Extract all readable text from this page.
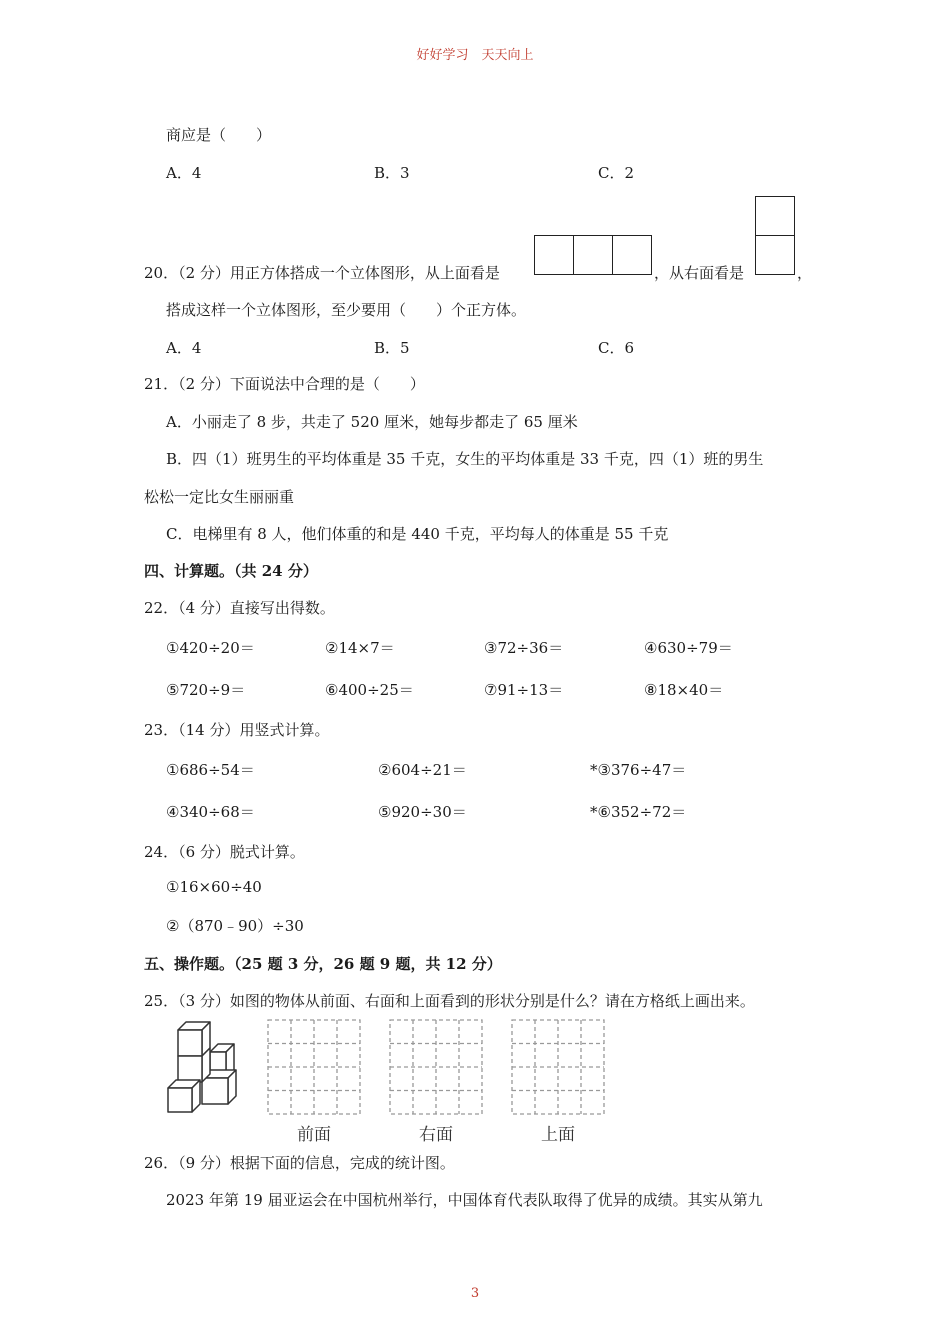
好好学习　天天向上
商应是（　　）
A．4	B．3	C．2
20．（2 分）用正方体搭成一个立体图形，从上面看是	，从右面看是	，
搭成这样一个立体图形，至少要用（　　）个正方体。
A．4	B．5	C．6
21．（2 分）下面说法中合理的是（　　）
A．小丽走了 8 步，共走了 520 厘米，她每步都走了 65 厘米
B．四（1）班男生的平均体重是 35 千克，女生的平均体重是 33 千克，四（1）班的男生
松松一定比女生丽丽重
C．电梯里有 8 人，他们体重的和是 440 千克，平均每人的体重是 55 千克
四、计算题。（共 24 分）
22．（4 分）直接写出得数。
①420÷20＝	②14×7＝	③72÷36＝	④630÷79＝
⑤720÷9＝	⑥400÷25＝	⑦91÷13＝	⑧18×40＝
23．（14 分）用竖式计算。
①686÷54＝	②604÷21＝	*③376÷47＝
④340÷68＝	⑤920÷30＝	*⑥352÷72＝
24．（6 分）脱式计算。
①16×60÷40
②（870﹣90）÷30
五、操作题。（25 题 3 分，26 题 9 题，共 12 分）
25．（3 分）如图的物体从前面、右面和上面看到的形状分别是什么？请在方格纸上画出来。
前面	右面	上面
26．（9 分）根据下面的信息，完成的统计图。
2023 年第 19 届亚运会在中国杭州举行，中国体育代表队取得了优异的成绩。其实从第九
3
